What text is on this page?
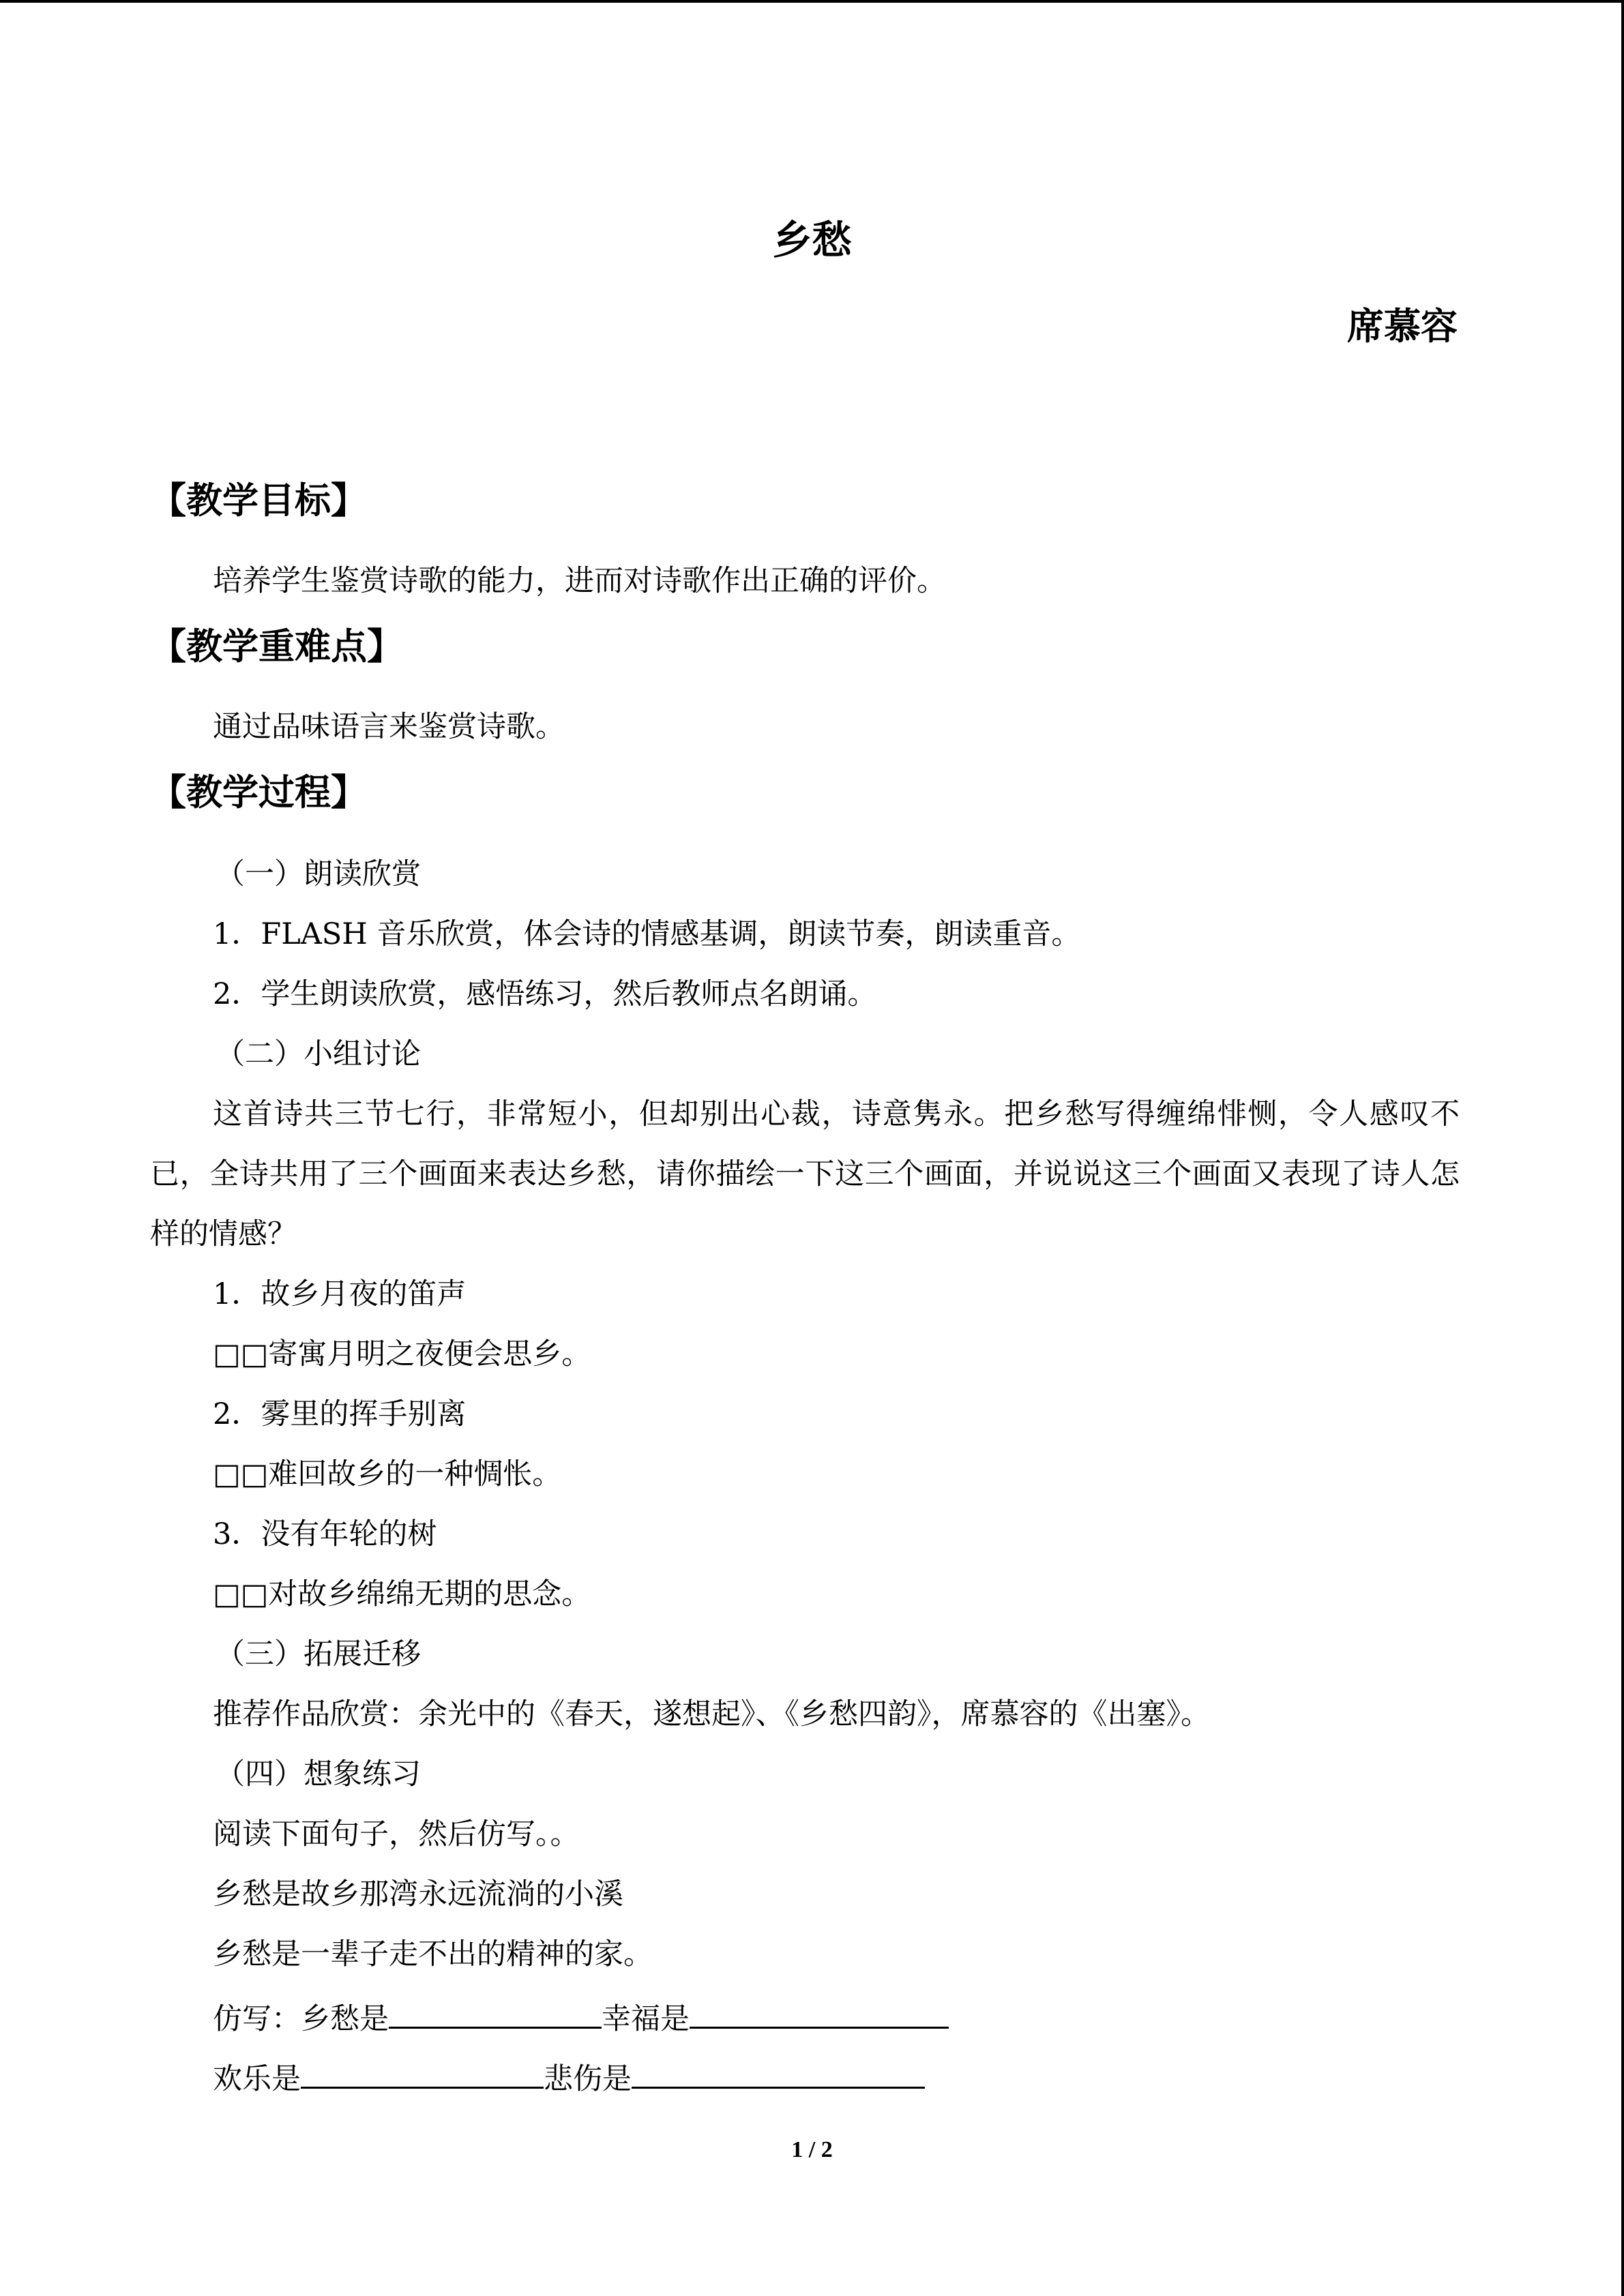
乡愁
席慕容
【教学目标】
培养学生鉴赏诗歌的能力，进而对诗歌作出正确的评价。
【教学重难点】
通过品味语言来鉴赏诗歌。
【教学过程】
（一）朗读欣赏
1．FLASH 音乐欣赏，体会诗的情感基调，朗读节奏，朗读重音。
2．学生朗读欣赏，感悟练习，然后教师点名朗诵。
（二）小组讨论
这首诗共三节七行，非常短小，但却别出心裁，诗意隽永。把乡愁写得缠绵悱恻，令人感叹不已，全诗共用了三个画面来表达乡愁，请你描绘一下这三个画面，并说说这三个画面又表现了诗人怎样的情感？
1．故乡月夜的笛声
□□寄寓月明之夜便会思乡。
2．雾里的挥手别离
□□难回故乡的一种惆怅。
3．没有年轮的树
□□对故乡绵绵无期的思念。
（三）拓展迁移
推荐作品欣赏：余光中的《春天，遂想起》、《乡愁四韵》，席慕容的《出塞》。
（四）想象练习
阅读下面句子，然后仿写。。
乡愁是故乡那湾永远流淌的小溪
乡愁是一辈子走不出的精神的家。
仿写：乡愁是	幸福是
欢乐是	悲伤是
1 / 2
